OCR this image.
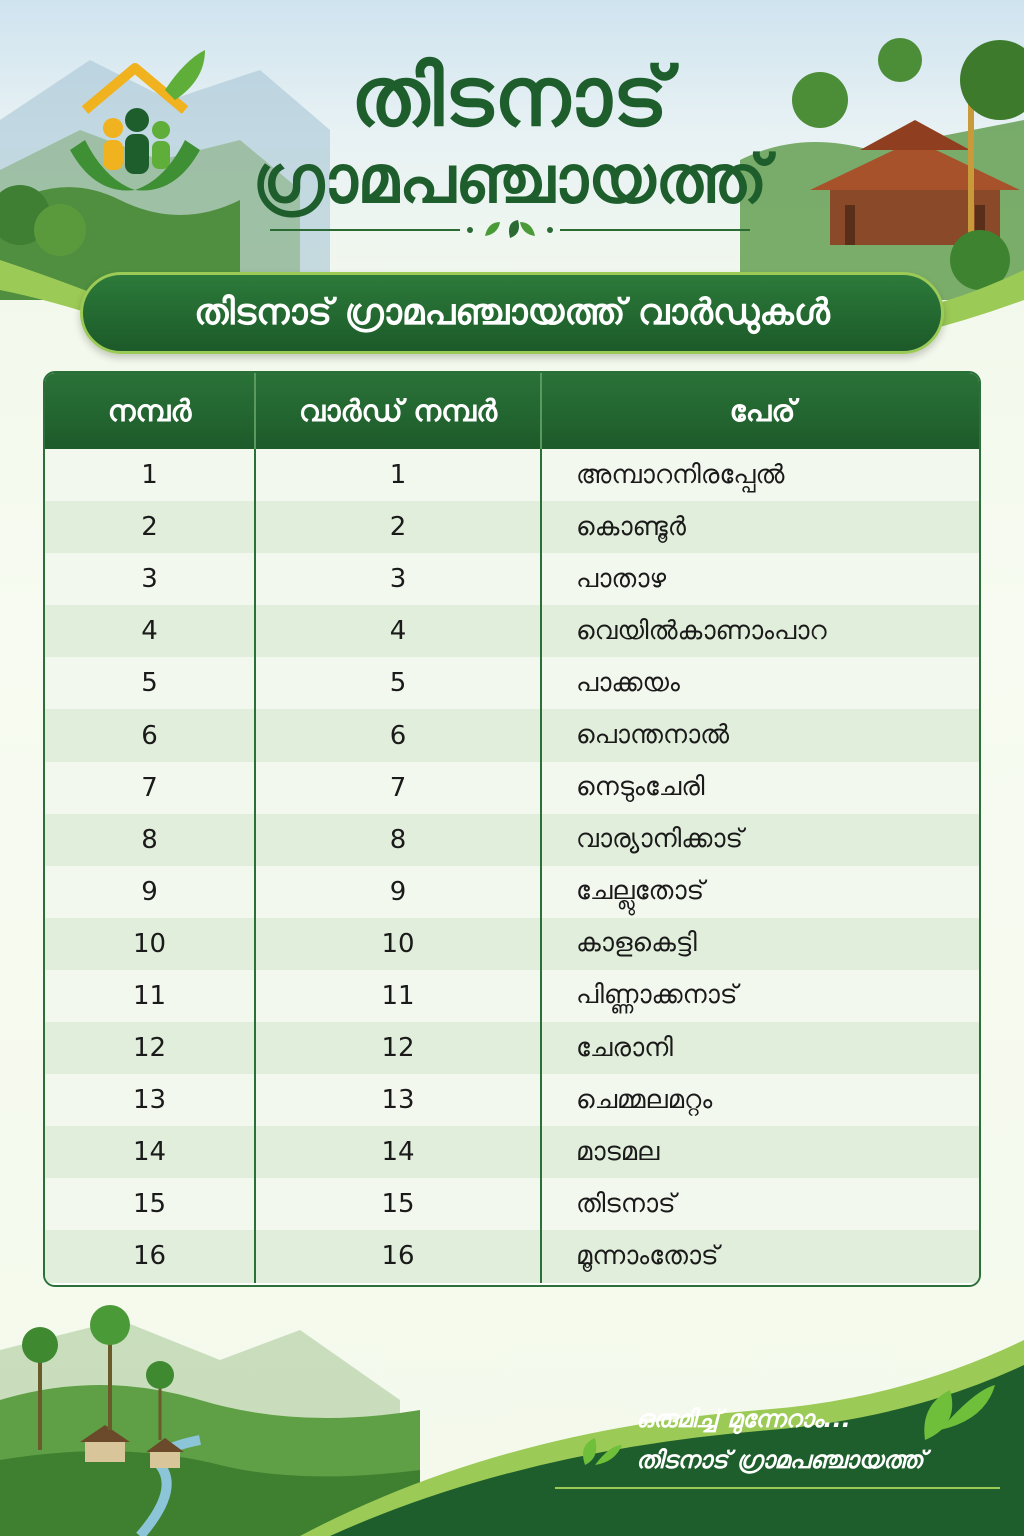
തിടനാട്
ഗ്രാമപഞ്ചായത്ത്
തിടനാട് ഗ്രാമപഞ്ചായത്ത് വാർഡുകൾ
നമ്പർ	വാർഡ് നമ്പർ	പേര്
1	1	അമ്പാറനിരപ്പേൽ
2	2	കൊണ്ടൂർ
3	3	പാതാഴ
4	4	വെയിൽകാണാംപാറ
5	5	പാക്കയം
6	6	പൊന്തനാൽ
7	7	നെടുംചേരി
8	8	വാര്യാനിക്കാട്
9	9	ചേല്ലുതോട്
10	10	കാളകെട്ടി
11	11	പിണ്ണാക്കനാട്
12	12	ചേരാനി
13	13	ചെമ്മലമറ്റം
14	14	മാടമല
15	15	തിടനാട്
16	16	മൂന്നാംതോട്
ഒരുമിച്ച് മുന്നേറാം...
തിടനാട് ഗ്രാമപഞ്ചായത്ത്
